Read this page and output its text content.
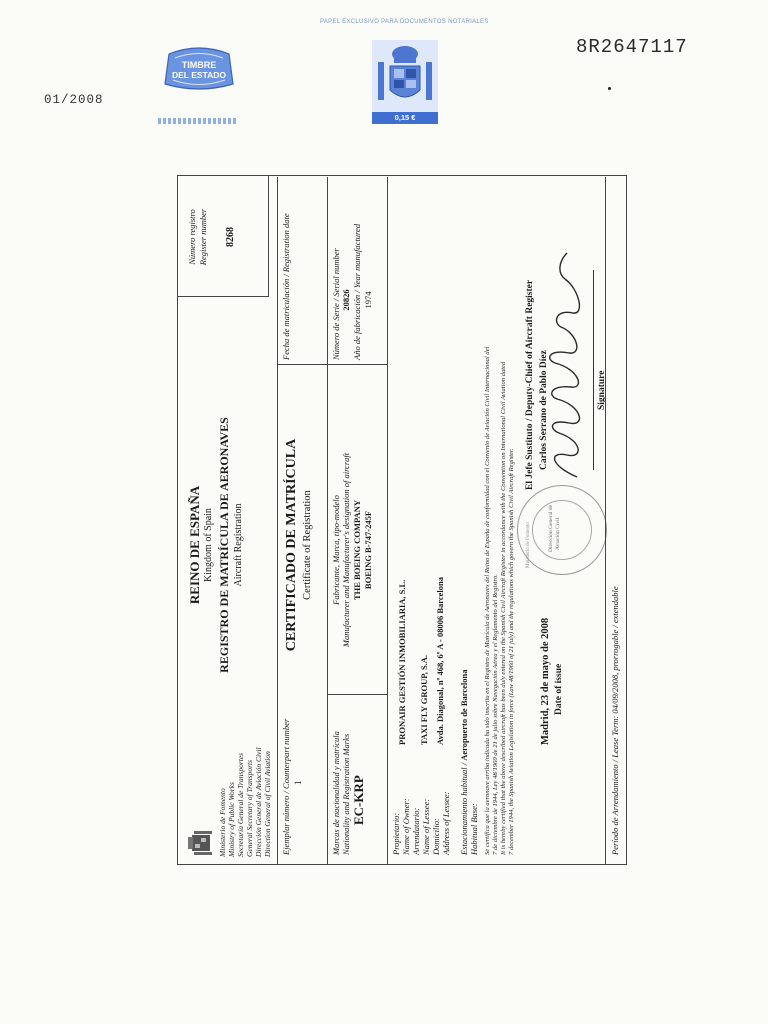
PAPEL EXCLUSIVO PARA DOCUMENTOS NOTARIALES
8R2647117
01/2008
TIMBRE
DEL ESTADO
0,15 €
Ministerio de Fomento Ministry of Public Works Secretaría General de Transportes General Secretary of Transports Dirección General de Aviación Civil Direction General of Civil Aviation
REINO DE ESPAÑA Kingdom of Spain REGISTRO DE MATRÍCULA DE AERONAVES Aircraft Registration
Número registro Register number 8268
Ejemplar número / Counterpart number 1
CERTIFICADO DE MATRÍCULA Certificate of Registration
Fecha de matriculación / Registration date
Marcas de nacionalidad y matrícula Nationality and Registration Marks EC-KRP
Fabricante, Marca, tipo-modelo Manufacturer and Manufacturer's designation of aircraft THE BOEING COMPANY BOEING B-747-245F
Número de Serie / Serial number 20826 Año de fabricación / Year manufactured 1974
Propietario: Name of Owner: Arrendatario: Name of Lessee: Domicilio: Address of Lessee:
PRONAIR GESTIÓN INMOBILIARIA, S.L. TAXI FLY GROUP, S.A. Avda. Diagonal, nº 468, 6º A - 08006 Barcelona
Estacionamiento habitual / Aeropuerto de Barcelona
Habitual Base: Se certifica que la aeronave arriba indicada ha sido inscrita en el Registro de Matrícula de Aeronaves del Reino de España de conformidad con el Convenio de Aviación Civil Internacional del 7 de diciembre de 1944, Ley 48/1960 de 21 de julio sobre Navegación Aérea y el Reglamento del Registro. It is hereby certified that the above described aircraft has been duly entered on the Spanish Civil Aircraft Register in accordance with the Convention on International Civil Aviation dated 7 december 1944, the Spanish Aviation Legislation in force (Law 48/1960 of 21 july) and the regulations which govern the Spanish Civil Aircraft Register. Madrid, 23 de mayo de 2008 Date of issue
El Jefe Sustituto / Deputy-Chief of Aircraft Register Carlos Serrano de Pablo Díez	Signature
Ministerio de Fomento	Dirección General de Aviación Civil
Período de Arrendamiento / Lease Term: 04/09/2008, prorrogable / extendable
